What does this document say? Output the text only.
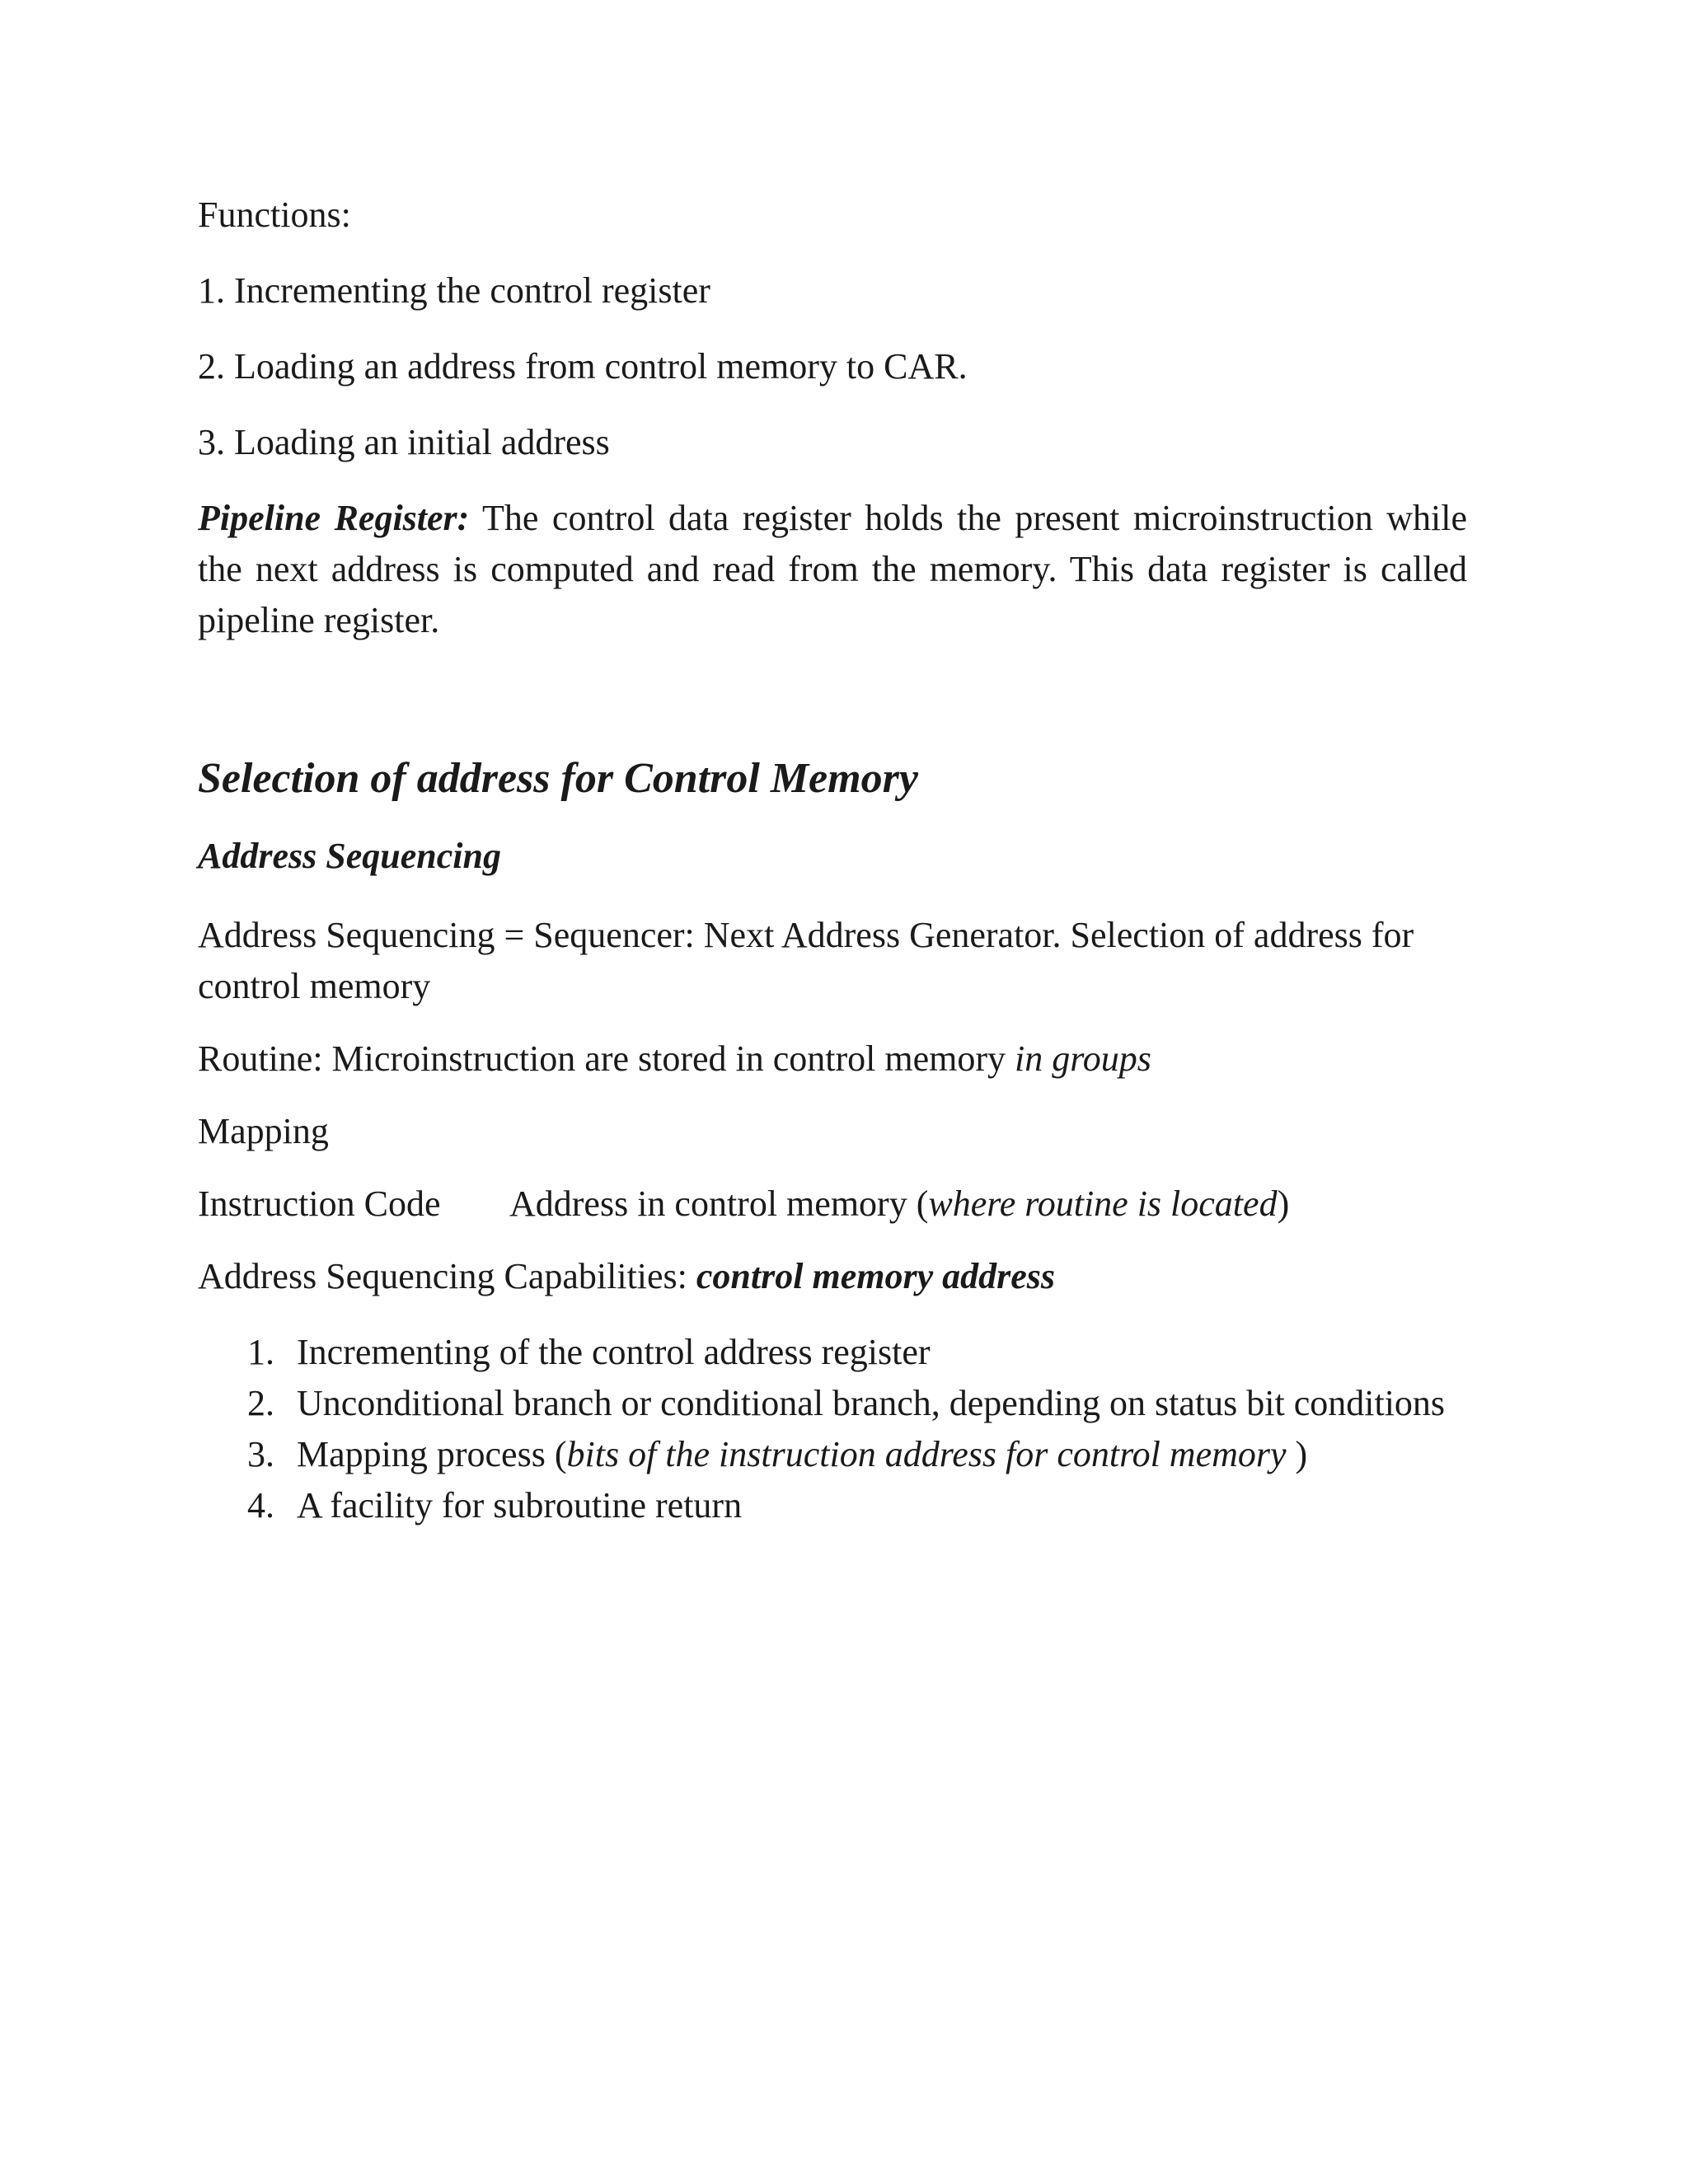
Functions:

1. Incrementing the control register

2. Loading an address from control memory to CAR.

3. Loading an initial address

Pipeline Register: The control data register holds the present microinstruction while the next address is computed and read from the memory. This data register is called pipeline register.

Selection of address for Control Memory

Address Sequencing

Address Sequencing = Sequencer: Next Address Generator. Selection of address for control memory

Routine: Microinstruction are stored in control memory in groups

Mapping

Instruction Code Address in control memory (where routine is located)

Address Sequencing Capabilities: control memory address

1. Incrementing of the control address register
2. Unconditional branch or conditional branch, depending on status bit conditions
3. Mapping process (bits of the instruction address for control memory )
4. A facility for subroutine return
